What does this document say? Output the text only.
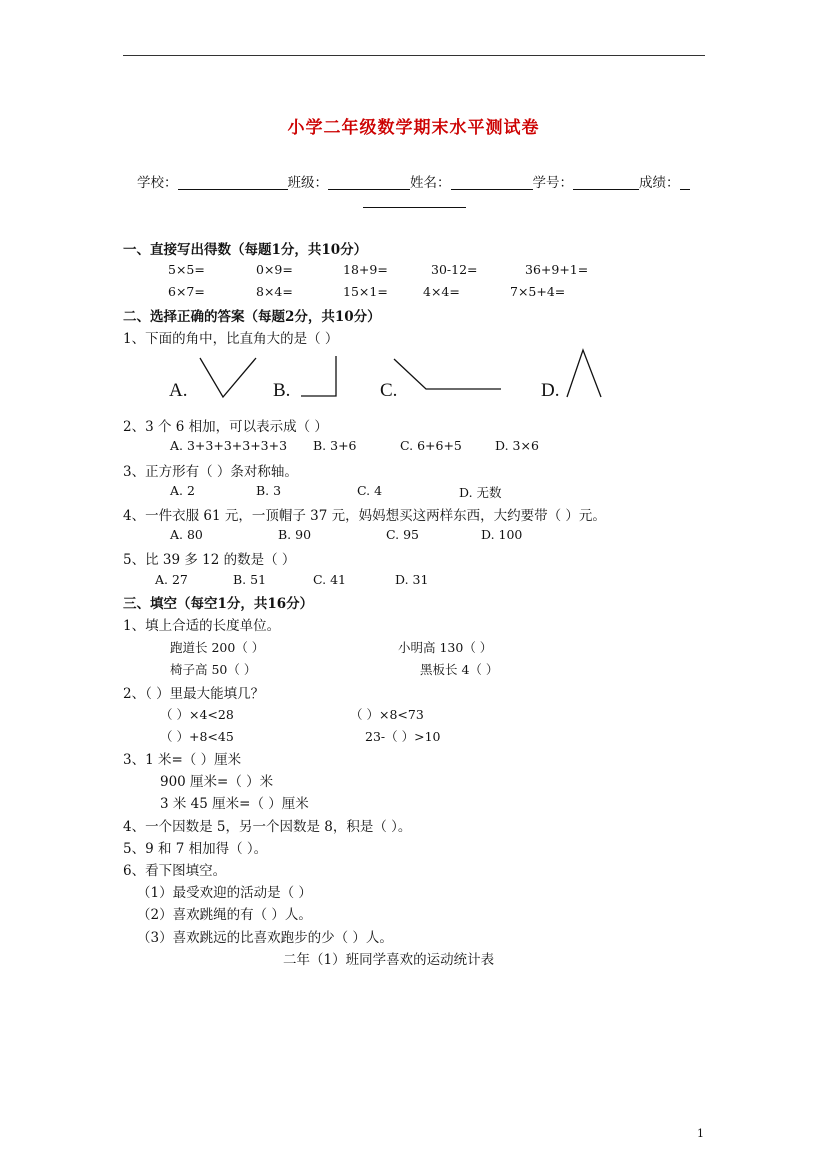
小学二年级数学期末水平测试卷
学校：	班级：	姓名：	学号：	成绩：
一、直接写出得数（每题1分，共10分）
5×5=	0×9=	18+9=	30-12=	36+9+1=
6×7=	8×4=	15×1=	4×4=	7×5+4=
二、选择正确的答案（每题2分，共10分）
1、下面的角中，比直角大的是（ ）
A.	B.	C.	D.
2、3 个 6 相加，可以表示成（ ）
A. 3+3+3+3+3+3 B. 3+6	C. 6+6+5	D. 3×6
3、正方形有（ ）条对称轴。
A. 2	B. 3	C. 4	D. 无数
4、一件衣服 61 元，一顶帽子 37 元，妈妈想买这两样东西，大约要带（ ）元。
A. 80	B. 90	C. 95	D. 100
5、比 39 多 12 的数是（ ）
A. 27	B. 51	C. 41	D. 31
三、填空（每空1分，共16分）
1、填上合适的长度单位。
跑道长 200（ ）	小明高 130（ ）
椅子高 50（ ）	黑板长 4（ ）
2、（ ）里最大能填几？
（ ）×4<28	（ ）×8<73
（ ）+8<45	23-（ ）>10
3、1 米=（ ）厘米
900 厘米=（ ）米
3 米 45 厘米=（ ）厘米
4、一个因数是 5，另一个因数是 8，积是（ ）。
5、9 和 7 相加得（ ）。
6、看下图填空。
（1）最受欢迎的活动是（ ）
（2）喜欢跳绳的有（ ）人。
（3）喜欢跳远的比喜欢跑步的少（ ）人。
二年（1）班同学喜欢的运动统计表
1
